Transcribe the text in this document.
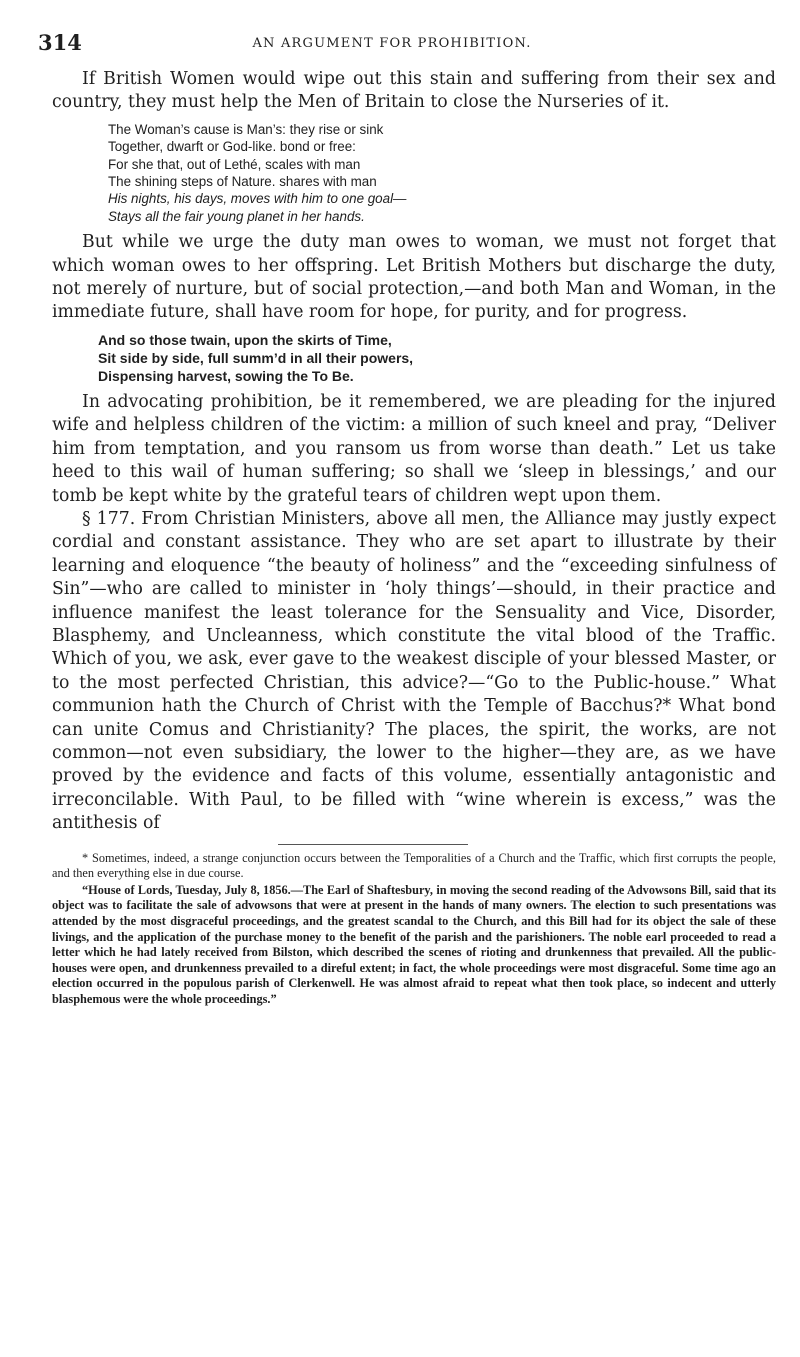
314	AN ARGUMENT FOR PROHIBITION.

If British Women would wipe out this stain and suffering from their sex and country, they must help the Men of Britain to close the Nurseries of it.

The Woman’s cause is Man’s: they rise or sink
Together, dwarft or God-like. bond or free:
For she that, out of Lethé, scales with man
The shining steps of Nature. shares with man
His nights, his days, moves with him to one goal—
Stays all the fair young planet in her hands.

But while we urge the duty man owes to woman, we must not forget that which woman owes to her offspring. Let British Mothers but discharge the duty, not merely of nurture, but of social protection,—and both Man and Woman, in the immediate future, shall have room for hope, for purity, and for progress.

And so those twain, upon the skirts of Time,
Sit side by side, full summ’d in all their powers,
Dispensing harvest, sowing the To Be.

In advocating prohibition, be it remembered, we are pleading for the injured wife and helpless children of the victim: a million of such kneel and pray, “Deliver him from temptation, and you ransom us from worse than death.” Let us take heed to this wail of human suffering; so shall we ‘sleep in blessings,’ and our tomb be kept white by the grateful tears of children wept upon them.

§ 177. From Christian Ministers, above all men, the Alliance may justly expect cordial and constant assistance. They who are set apart to illustrate by their learning and eloquence “the beauty of holiness” and the “exceeding sinfulness of Sin”—who are called to minister in ‘holy things’—should, in their practice and influence manifest the least tolerance for the Sensuality and Vice, Disorder, Blasphemy, and Uncleanness, which constitute the vital blood of the Traffic. Which of you, we ask, ever gave to the weakest disciple of your blessed Master, or to the most perfected Christian, this advice?—“Go to the Public-house.” What communion hath the Church of Christ with the Temple of Bacchus?* What bond can unite Comus and Christianity? The places, the spirit, the works, are not common—not even subsidiary, the lower to the higher—they are, as we have proved by the evidence and facts of this volume, essentially antagonistic and irreconcilable. With Paul, to be filled with “wine wherein is excess,” was the antithesis of

* Sometimes, indeed, a strange conjunction occurs between the Temporalities of a Church and the Traffic, which first corrupts the people, and then everything else in due course.

“House of Lords, Tuesday, July 8, 1856.—The Earl of Shaftesbury, in moving the second reading of the Advowsons Bill, said that its object was to facilitate the sale of advowsons that were at present in the hands of many owners. The election to such presentations was attended by the most disgraceful proceedings, and the greatest scandal to the Church, and this Bill had for its object the sale of these livings, and the application of the purchase money to the benefit of the parish and the parishioners. The noble earl proceeded to read a letter which he had lately received from Bilston, which described the scenes of rioting and drunkenness that prevailed. All the public-houses were open, and drunkenness prevailed to a direful extent; in fact, the whole proceedings were most disgraceful. Some time ago an election occurred in the populous parish of Clerkenwell. He was almost afraid to repeat what then took place, so indecent and utterly blasphemous were the whole proceedings.”
